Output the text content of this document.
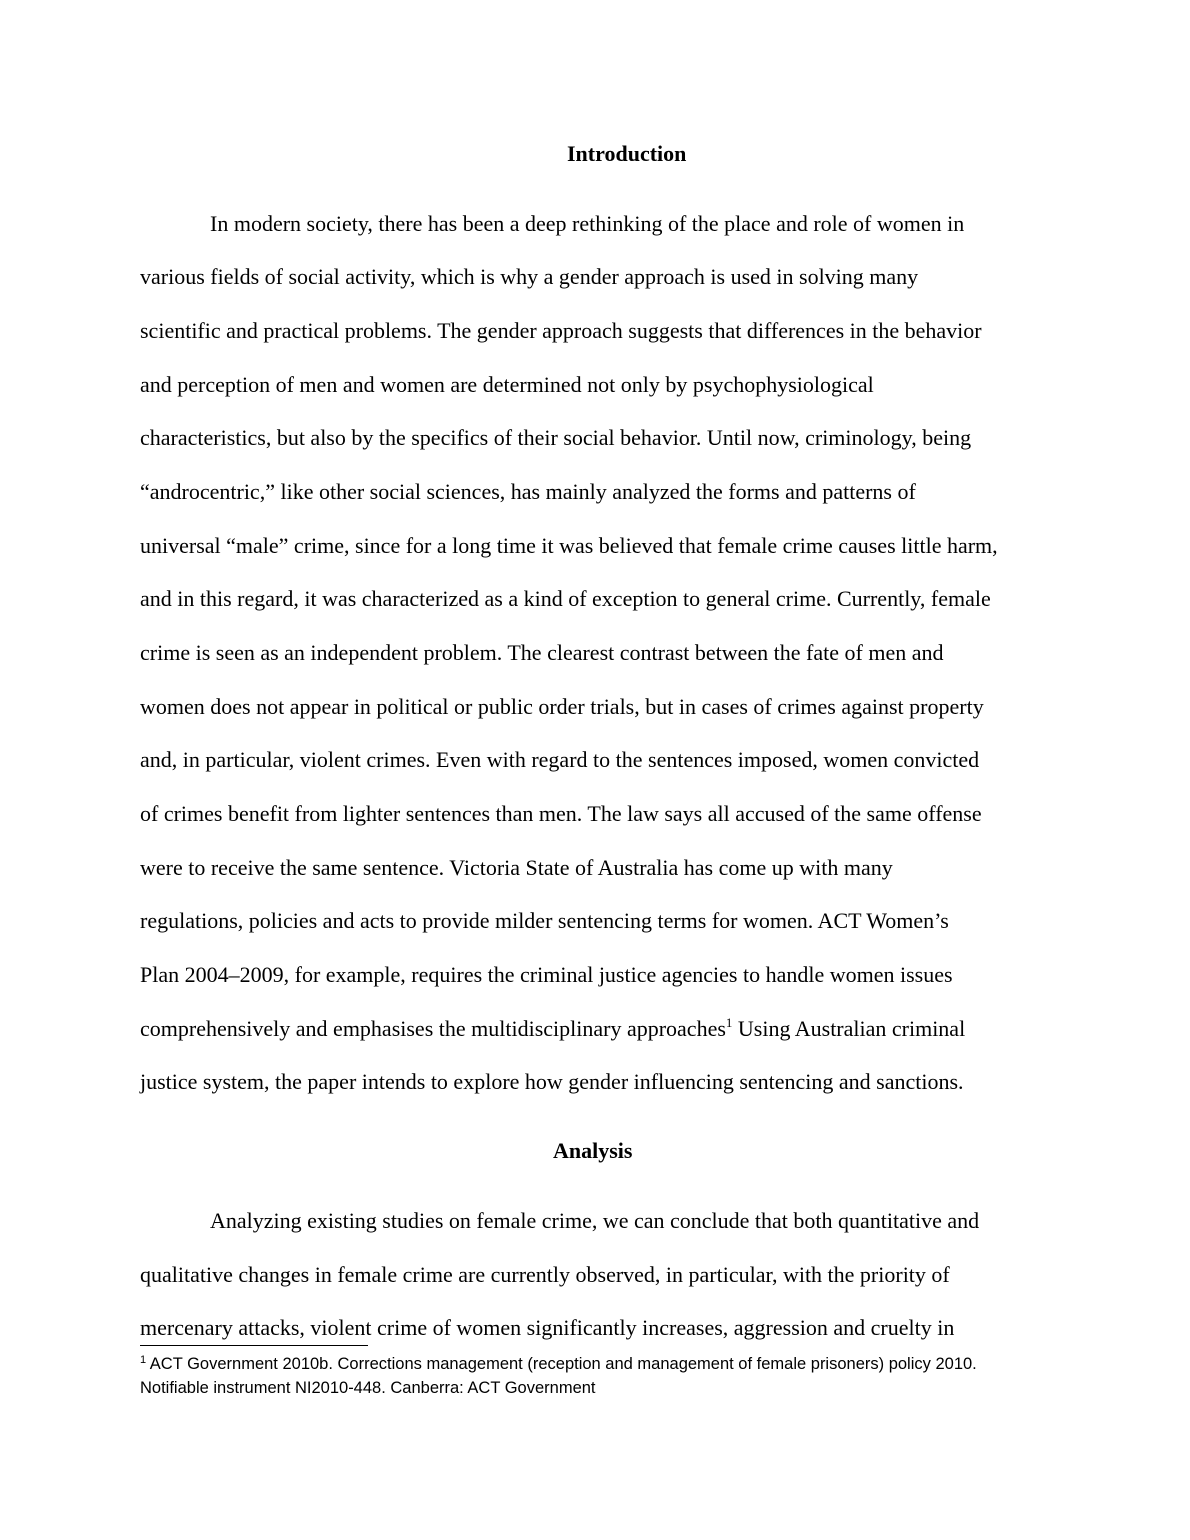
Introduction
In modern society, there has been a deep rethinking of the place and role of women in
various fields of social activity, which is why a gender approach is used in solving many
scientific and practical problems. The gender approach suggests that differences in the behavior
and perception of men and women are determined not only by psychophysiological
characteristics, but also by the specifics of their social behavior. Until now, criminology, being
“androcentric,” like other social sciences, has mainly analyzed the forms and patterns of
universal “male” crime, since for a long time it was believed that female crime causes little harm,
and in this regard, it was characterized as a kind of exception to general crime. Currently, female
crime is seen as an independent problem. The clearest contrast between the fate of men and
women does not appear in political or public order trials, but in cases of crimes against property
and, in particular, violent crimes. Even with regard to the sentences imposed, women convicted
of crimes benefit from lighter sentences than men. The law says all accused of the same offense
were to receive the same sentence. Victoria State of Australia has come up with many
regulations, policies and acts to provide milder sentencing terms for women. ACT Women’s
Plan 2004–2009, for example, requires the criminal justice agencies to handle women issues
comprehensively and emphasises the multidisciplinary approaches$^1$ Using Australian criminal
justice system, the paper intends to explore how gender influencing sentencing and sanctions.
Analysis
Analyzing existing studies on female crime, we can conclude that both quantitative and
qualitative changes in female crime are currently observed, in particular, with the priority of
mercenary attacks, violent crime of women significantly increases, aggression and cruelty in
$^1$ ACT Government 2010b. Corrections management (reception and management of female prisoners) policy 2010.
Notifiable instrument NI2010-448. Canberra: ACT Government
